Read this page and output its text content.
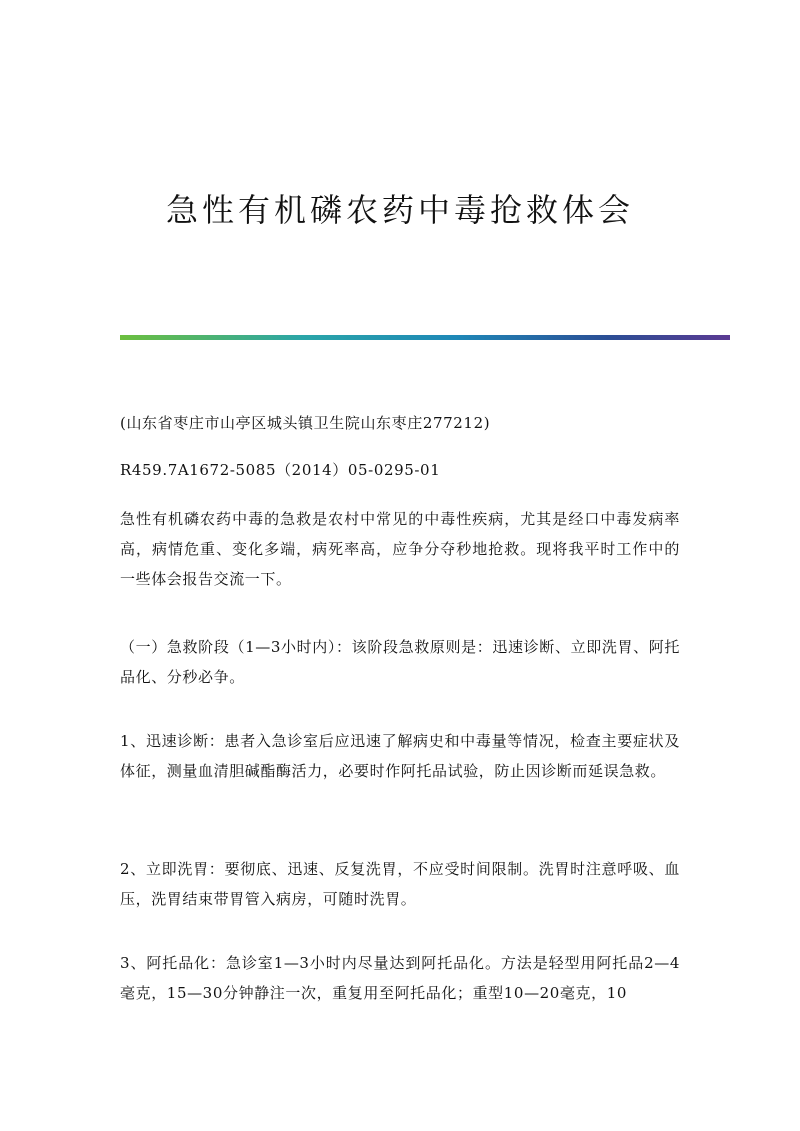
急性有机磷农药中毒抢救体会

(山东省枣庄市山亭区城头镇卫生院山东枣庄277212)

R459.7A1672-5085（2014）05-0295-01

急性有机磷农药中毒的急救是农村中常见的中毒性疾病，尤其是经口中毒发病率高，病情危重、变化多端，病死率高，应争分夺秒地抢救。现将我平时工作中的一些体会报告交流一下。

（一）急救阶段（1—3小时内）：该阶段急救原则是：迅速诊断、立即洗胃、阿托品化、分秒必争。

1、迅速诊断：患者入急诊室后应迅速了解病史和中毒量等情况，检查主要症状及体征，测量血清胆碱酯酶活力，必要时作阿托品试验，防止因诊断而延误急救。

2、立即洗胃：要彻底、迅速、反复洗胃，不应受时间限制。洗胃时注意呼吸、血压，洗胃结束带胃管入病房，可随时洗胃。

3、阿托品化：急诊室1—3小时内尽量达到阿托品化。方法是轻型用阿托品2—4毫克，15—30分钟静注一次，重复用至阿托品化；重型10—20毫克，10
